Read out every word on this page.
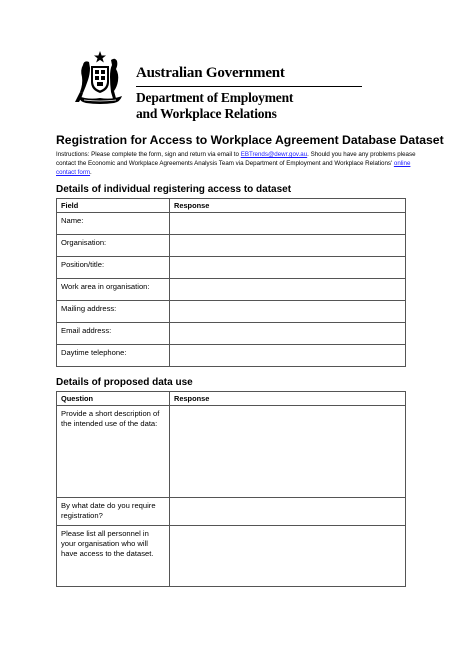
Australian Government
Department of Employment
and Workplace Relations
Registration for Access to Workplace Agreement Database Dataset
Instructions: Please complete the form, sign and return via email to EBTrends@dewr.gov.au. Should you have any problems please contact the Economic and Workplace Agreements Analysis Team via Department of Employment and Workplace Relations' online contact form.
Details of individual registering access to dataset
Field	Response
Name:	
Organisation:	
Position/title:	
Work area in organisation:	
Mailing address:	
Email address:	
Daytime telephone:	
Details of proposed data use
Question	Response
Provide a short description of the intended use of the data:	
By what date do you require registration?	
Please list all personnel in your organisation who will have access to the dataset.	
